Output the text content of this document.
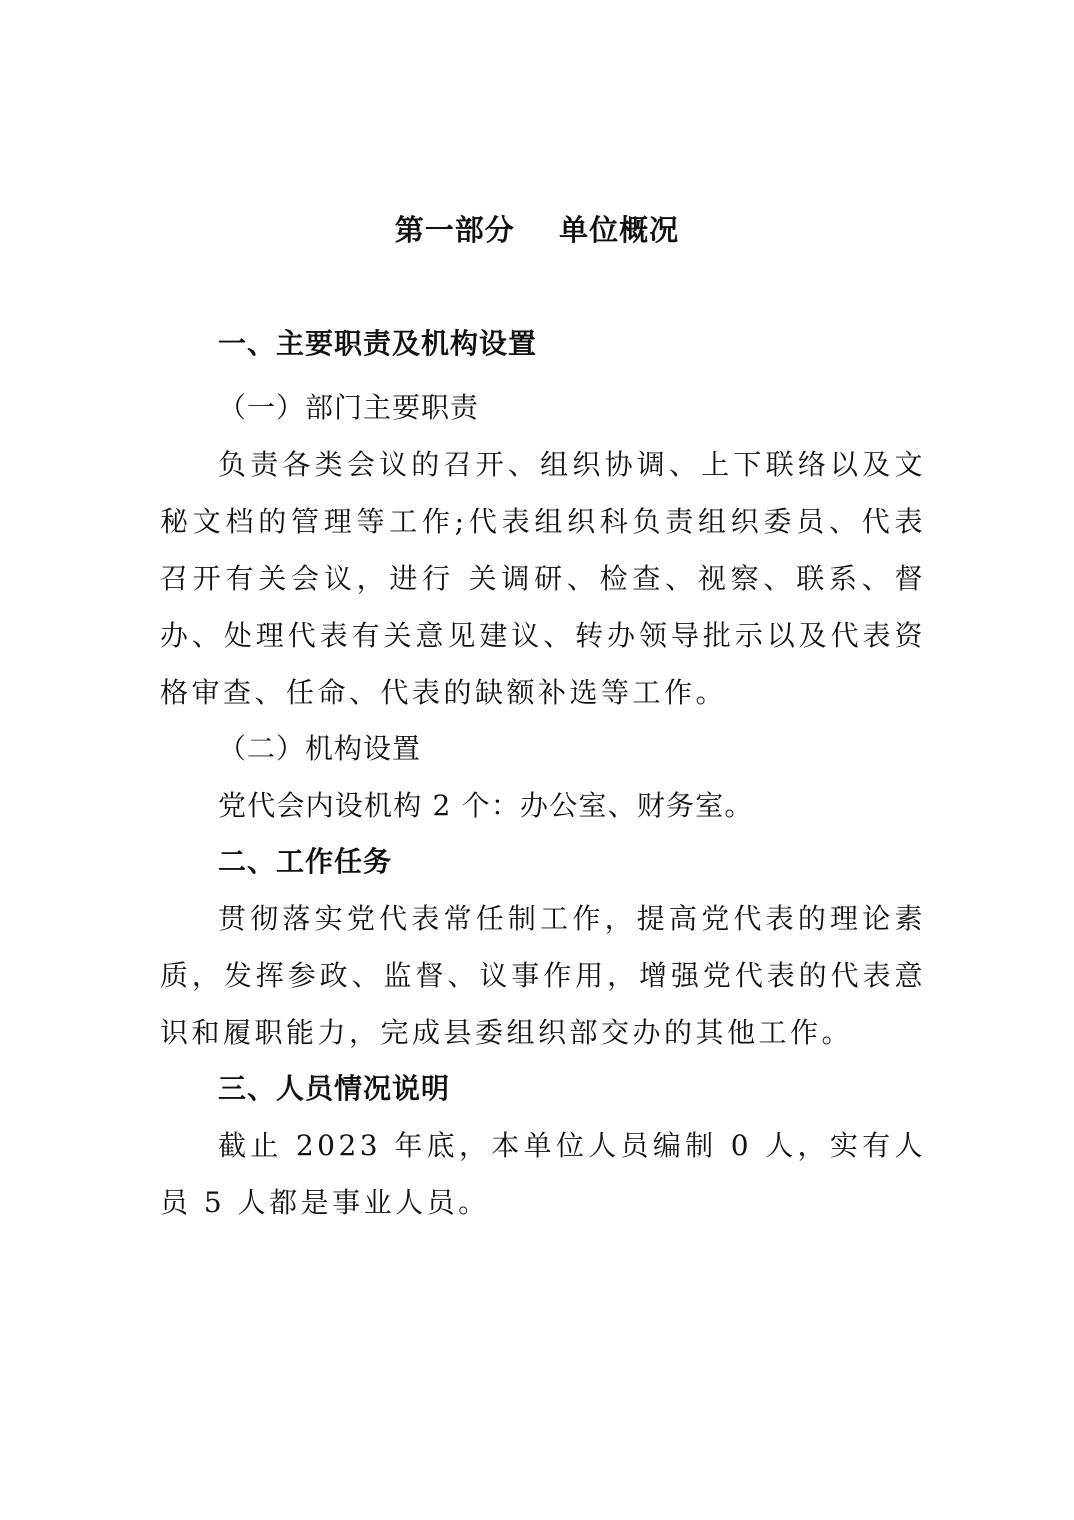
第一部分    单位概况

一、主要职责及机构设置

（一）部门主要职责

负责各类会议的召开、组织协调、上下联络以及文秘文档的管理等工作;代表组织科负责组织委员、代表召开有关会议，进行 关调研、检查、视察、联系、督办、处理代表有关意见建议、转办领导批示以及代表资格审查、任命、代表的缺额补选等工作。

（二）机构设置

党代会内设机构 2 个：办公室、财务室。

二、工作任务

贯彻落实党代表常任制工作，提高党代表的理论素质，发挥参政、监督、议事作用，增强党代表的代表意识和履职能力，完成县委组织部交办的其他工作。

三、人员情况说明

截止 2023 年底，本单位人员编制 0 人，实有人员 5 人都是事业人员。
